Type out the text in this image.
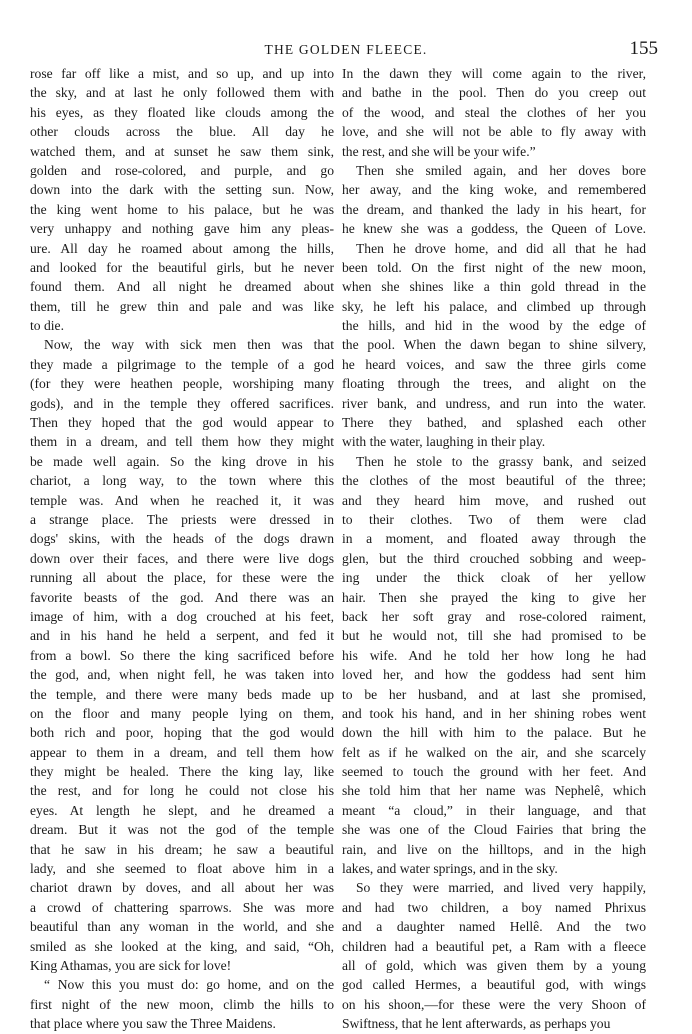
THE GOLDEN FLEECE.	155
rose far off like a mist, and so up, and up into
the sky, and at last he only followed them with
his eyes, as they floated like clouds among the
other clouds across the blue. All day he
watched them, and at sunset he saw them sink,
golden and rose-colored, and purple, and go
down into the dark with the setting sun. Now,
the king went home to his palace, but he was
very unhappy and nothing gave him any pleas-
ure. All day he roamed about among the hills,
and looked for the beautiful girls, but he never
found them. And all night he dreamed about
them, till he grew thin and pale and was like
to die.
Now, the way with sick men then was that
they made a pilgrimage to the temple of a god
(for they were heathen people, worshiping many
gods), and in the temple they offered sacrifices.
Then they hoped that the god would appear to
them in a dream, and tell them how they might
be made well again. So the king drove in his
chariot, a long way, to the town where this
temple was. And when he reached it, it was
a strange place. The priests were dressed in
dogs' skins, with the heads of the dogs drawn
down over their faces, and there were live dogs
running all about the place, for these were the
favorite beasts of the god. And there was an
image of him, with a dog crouched at his feet,
and in his hand he held a serpent, and fed it
from a bowl. So there the king sacrificed before
the god, and, when night fell, he was taken into
the temple, and there were many beds made up
on the floor and many people lying on them,
both rich and poor, hoping that the god would
appear to them in a dream, and tell them how
they might be healed. There the king lay, like
the rest, and for long he could not close his
eyes. At length he slept, and he dreamed a
dream. But it was not the god of the temple
that he saw in his dream; he saw a beautiful
lady, and she seemed to float above him in a
chariot drawn by doves, and all about her was
a crowd of chattering sparrows. She was more
beautiful than any woman in the world, and she
smiled as she looked at the king, and said, “Oh,
King Athamas, you are sick for love!
“ Now this you must do: go home, and on the
first night of the new moon, climb the hills to
that place where you saw the Three Maidens.
In the dawn they will come again to the river,
and bathe in the pool. Then do you creep out
of the wood, and steal the clothes of her you
love, and she will not be able to fly away with
the rest, and she will be your wife.”
Then she smiled again, and her doves bore
her away, and the king woke, and remembered
the dream, and thanked the lady in his heart, for
he knew she was a goddess, the Queen of Love.
Then he drove home, and did all that he had
been told. On the first night of the new moon,
when she shines like a thin gold thread in the
sky, he left his palace, and climbed up through
the hills, and hid in the wood by the edge of
the pool. When the dawn began to shine silvery,
he heard voices, and saw the three girls come
floating through the trees, and alight on the
river bank, and undress, and run into the water.
There they bathed, and splashed each other
with the water, laughing in their play.
Then he stole to the grassy bank, and seized
the clothes of the most beautiful of the three;
and they heard him move, and rushed out
to their clothes. Two of them were clad
in a moment, and floated away through the
glen, but the third crouched sobbing and weep-
ing under the thick cloak of her yellow
hair. Then she prayed the king to give her
back her soft gray and rose-colored raiment,
but he would not, till she had promised to be
his wife. And he told her how long he had
loved her, and how the goddess had sent him
to be her husband, and at last she promised,
and took his hand, and in her shining robes went
down the hill with him to the palace. But he
felt as if he walked on the air, and she scarcely
seemed to touch the ground with her feet. And
she told him that her name was Nephelê, which
meant “a cloud,” in their language, and that
she was one of the Cloud Fairies that bring the
rain, and live on the hilltops, and in the high
lakes, and water springs, and in the sky.
So they were married, and lived very happily,
and had two children, a boy named Phrixus
and a daughter named Hellê. And the two
children had a beautiful pet, a Ram with a fleece
all of gold, which was given them by a young
god called Hermes, a beautiful god, with wings
on his shoon,—for these were the very Shoon of
Swiftness, that he lent afterwards, as perhaps you
